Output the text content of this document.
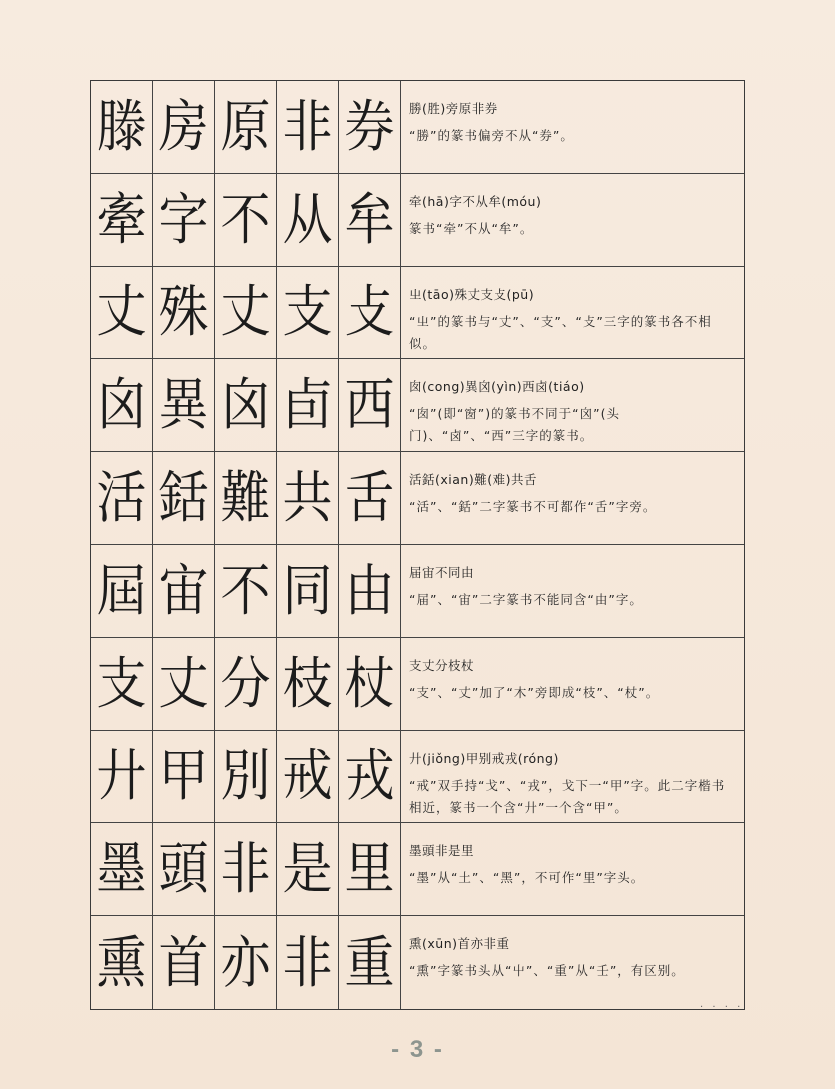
滕 房 原 非 券 勝(胜)旁原非券
“勝”的篆书偏旁不从“券”。
牽 字 不 从 牟 牵(hā)字不从牟(móu)
篆书“牵”不从“牟”。
丈 殊 丈 支 攴 㞢(tāo)殊丈支攴(pū)
“㞢”的篆书与“丈”、“支”、“攴”三字的篆书各不相似。
囟 異 囟 卣 西 囱(cong)異囟(yìn)西卤(tiáo)
“囱”(即“窗”)的篆书不同于“囟”(头门)、“卤”、“西”三字的篆书。
活 銛 難 共 舌 活銛(xian)難(难)共舌
“活”、“銛”二字篆书不可都作“舌”字旁。
屆 宙 不 同 由 届宙不同由
“届”、“宙”二字篆书不能同含“由”字。
支 丈 分 枝 杖 支丈分枝杖
“支”、“丈”加了“木”旁即成“枝”、“杖”。
廾 甲 別 戒 戎 廾(jiǒng)甲别戒戎(róng)
“戒”双手持“戈”、“戎”，戈下一“甲”字。此二字楷书相近，篆书一个含“廾”一个含“甲”。
墨 頭 非 是 里 墨頭非是里
“墨”从“土”、“黑”，不可作“里”字头。
熏 首 亦 非 重 熏(xūn)首亦非重
“熏”字篆书头从“屮”、“重”从“壬”，有区别。
· · · ·
- 3 -
